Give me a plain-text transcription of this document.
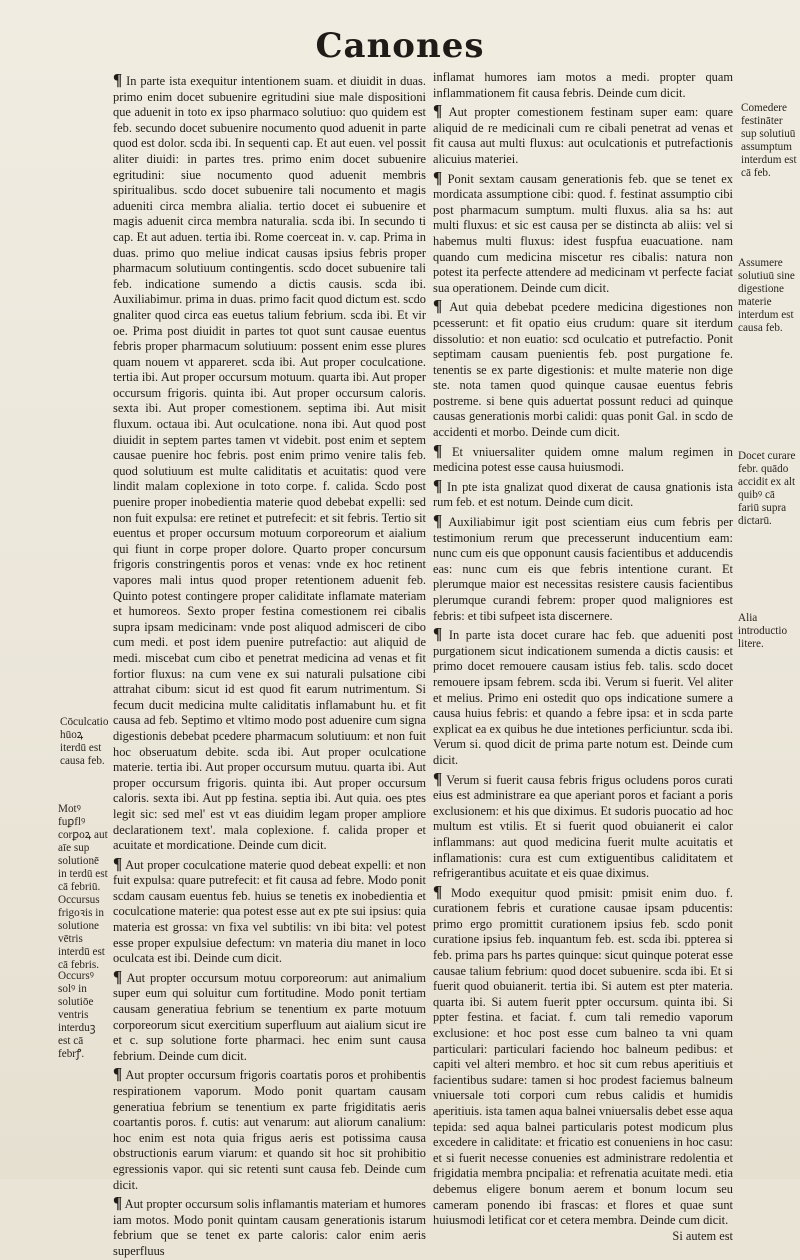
Canones

¶ In parte ista exequitur intentionem suam. et diuidit in duas. primo enim docet subuenire egritudini siue male dispositioni que aduenit in toto ex ipso pharmaco solutiuo: quo quidem est feb. secundo docet subuenire nocumento quod aduenit in parte quod est dolor. scda ibi. In sequenti cap. Et aut euen. vel possit aliter diuidi: in partes tres. primo enim docet subuenire egritudini: siue nocumento quod aduenit membris spiritualibus. scdo docet subuenire tali nocumento et magis adueniti circa membra alialia. tertio docet ei subuenire et magis aduenit circa membra naturalia. scda ibi. In secundo ti cap. Et aut aduen. tertia ibi. Rome coerceat in. v. cap. Prima in duas. primo quo meliue indicat causas ipsius febris proper pharmacum solutiuum contingentis. scdo docet subuenire tali feb. indicatione sumendo a dictis causis. scda ibi. Auxiliabimur. prima in duas. primo facit quod dictum est. scdo gnaliter quod circa eas euetus talium febrium. scda ibi. Et vir oe. Prima post diuidit in partes tot quot sunt causae euentus febris proper pharmacum solutiuum: possent enim esse plures quam nouem vt appareret. scda ibi. Aut proper coculcatione. tertia ibi. Aut proper occursum motuum. quarta ibi. Aut proper occursum frigoris. quinta ibi. Aut proper occursum caloris. sexta ibi. Aut proper comestionem. septima ibi. Aut misit fluxum. octaua ibi. Aut oculcatione. nona ibi. Aut quod post diuidit in septem partes tamen vt videbit. post enim et septem causae puenire hoc febris. post enim primo venire talis feb. quod solutiuum est multe caliditatis et acuitatis: quod vere lindit malam coplexione in toto corpe. f. calida. Scdo post puenire proper inobedientia materie quod debebat expelli: sed non fuit expulsa: ere retinet et putrefecit: et sit febris. Tertio sit euentus et proper occursum motuum corporeorum et aialium qui fiunt in corpe proper dolore. Quarto proper concursum frigoris constringentis poros et venas: vnde ex hoc retinent vapores mali intus quod proper retentionem aduenit feb. Quinto potest contingere proper caliditate inflamate materiam et humoreos. Sexto proper festina comestionem rei cibalis supra ipsam medicinam: vnde post aliquod admisceri de cibo cum medi. et post idem puenire putrefactio: aut aliquid de medi. miscebat cum cibo et penetrat medicina ad venas et fit fortior fluxus: na cum vene ex sui naturali pulsatione cibi attrahat cibum: sicut id est quod fit earum nutrimentum. Si fecum ducit medicina multe caliditatis inflamabunt hu. et fit causa ad feb. Septimo et vltimo modo post aduenire cum signa digestionis debebat pcedere pharmacum solutiuum: et non fuit hoc obseruatum debite. scda ibi. Aut proper oculcatione materie. tertia ibi. Aut proper occursum mutuu. quarta ibi. Aut proper occursum frigoris. quinta ibi. Aut proper occursum caloris. sexta ibi. Aut pp festina. septia ibi. Aut quia. oes ptes legit sic: sed mel' est vt eas diuidim legam proper ampliore declarationem text'. mala coplexione. f. calida proper et acuitate et mordicatione. Deinde cum dicit.

¶ Aut proper coculcatione materie quod debeat expelli: et non fuit expulsa: quare putrefecit: et fit causa ad febre. Modo ponit scdam causam euentus feb. huius se tenetis ex inobedientia et coculcatione materie: qua potest esse aut ex pte sui ipsius: quia materia est grossa: vn fixa vel subtilis: vn ibi bita: vel potest esse proper expulsiue defectum: vn materia diu manet in loco oculcata est ibi. Deinde cum dicit.

¶ Aut propter occursum motuu corporeorum: aut animalium super eum qui soluitur cum fortitudine. Modo ponit tertiam causam generatiua febrium se tenentium ex parte motuum corporeorum sicut exercitium superfluum aut aialium sicut ire et c. sup solutione forte pharmaci. hec enim sunt causa febrium. Deinde cum dicit.

¶ Aut propter occursum frigoris coartatis poros et prohibentis respirationem vaporum. Modo ponit quartam causam generatiua febrium se tenentium ex parte frigiditatis aeris coartantis poros. f. cutis: aut venarum: aut aliorum canalium: hoc enim est nota quia frigus aeris est potissima causa obstructionis earum viarum: et quando sit hoc sit prohibitio egressionis vapor. qui sic retenti sunt causa feb. Deinde cum dicit.

¶ Aut propter occursum solis inflamantis materiam et humores iam motos. Modo ponit quintam causam generationis istarum febrium que se tenet ex parte caloris: calor enim aeris superfluus

inflamat humores iam motos a medi. propter quam inflammationem fit causa febris. Deinde cum dicit.

¶ Aut propter comestionem festinam super eam: quare aliquid de re medicinali cum re cibali penetrat ad venas et fit causa aut multi fluxus: aut oculcationis et putrefactionis alicuius materiei.

¶ Ponit sextam causam generationis feb. que se tenet ex mordicata assumptione cibi: quod. f. festinat assumptio cibi post pharmacum sumptum. multi fluxus. alia sa hs: aut multi fluxus: et sic est causa per se distincta ab aliis: vel si habemus multi fluxus: idest fuspfua euacuatione. nam quando cum medicina miscetur res cibalis: natura non potest ita perfecte attendere ad medicinam vt perfecte faciat sua operationem. Deinde cum dicit.

¶ Aut quia debebat pcedere medicina digestiones non pcesserunt: et fit opatio eius crudum: quare sit iterdum dissolutio: et non euatio: scd oculcatio et putrefactio. Ponit septimam causam puenientis feb. post purgatione fe. tenentis se ex parte digestionis: et multe materie non dige ste. nota tamen quod quinque causae euentus febris postreme. si bene quis aduertat possunt reduci ad quinque causas generationis morbi calidi: quas ponit Gal. in scdo de accidenti et morbo. Deinde cum dicit.

¶ Et vniuersaliter quidem omne malum regimen in medicina potest esse causa huiusmodi.

¶ In pte ista gnalizat quod dixerat de causa gnationis ista rum feb. et est notum. Deinde cum dicit.

¶ Auxiliabimur igit post scientiam eius cum febris per testimonium rerum que precesserunt inducentium eam: nunc cum eis que opponunt causis facientibus et adducendis eas: nunc cum eis que febris intentione curant. Et plerumque maior est necessitas resistere causis facientibus plerumque curandi febrem: proper quod maligniores est febris: et tibi sufpeet ista discernere.

¶ In parte ista docet curare hac feb. que adueniti post purgationem sicut indicationem sumenda a dictis causis: et primo docet remouere causam istius feb. talis. scdo docet remouere ipsam febrem. scda ibi. Verum si fuerit. Vel aliter et melius. Primo eni ostedit quo ops indicatione sumere a causa huius febris: et quando a febre ipsa: et in scda parte explicat ea ex quibus he due intetiones perficiuntur. scda ibi. Verum si. quod dicit de prima parte notum est. Deinde cum dicit.

¶ Verum si fuerit causa febris frigus ocludens poros curati eius est administrare ea que aperiant poros et faciant a poris exclusionem: et his que diximus. Et sudoris puocatio ad hoc multum est vtilis. Et si fuerit quod obuianerit ei calor inflammans: aut quod medicina fuerit multe acuitatis et inflamationis: cura est cum extiguentibus caliditatem et refrigerantibus acuitate et eis quae diximus.

¶ Modo exequitur quod pmisit: pmisit enim duo. f. curationem febris et curatione causae ipsam pducentis: primo ergo promittit curationem ipsius feb. scdo ponit curatione ipsius feb. inquantum feb. est. scda ibi. ppterea si feb. prima pars hs partes quinque: sicut quinque poterat esse causae talium febrium: quod docet subuenire. scda ibi. Et si fuerit quod obuianerit. tertia ibi. Si autem est pter materia. quarta ibi. Si autem fuerit ppter occursum. quinta ibi. Si ppter festina. et faciat. f. cum tali remedio vaporum exclusione: et hoc post esse cum balneo ta vni quam particulari: particulari faciendo hoc balneum pedibus: et capiti vel alteri membro. et hoc sit cum rebus aperitiuis et facientibus sudare: tamen si hoc prodest faciemus balneum vniuersale toti corpori cum rebus calidis et humidis aperitiuis. ista tamen aqua balnei vniuersalis debet esse aqua tepida: sed aqua balnei particularis potest modicum plus excedere in caliditate: et fricatio est conueniens in hoc casu: et si fuerit necesse conuenies est administrare redolentia et frigidatia membra pncipalia: et refrenatia acuitate medi. etia debemus eligere bonum aerem et bonum locum seu cameram ponendo ibi frascas: et flores et quae sunt huiusmodi letificat cor et cetera membra. Deinde cum dicit.

Si autem est

Cōculcatio hūoꝝ iterdū est causa feb.
Motꝰ fuꝑflꝰ corꝑoꝝ aut aīe sup solutionē in terdū est cā febriū. Occursus frigoꝛis in solutione vētris interdū est cā febris.
Occursꝰ solꝰ in solutiōe ventris interduꝫ est cā febrꝭ.
Comedere festināter sup solutiuū assumptum interdum est cā feb.
Assumere solutiuū sine digestione materie interdum est causa feb.
Docet curare febr. quādo accidit ex alt quibꝰ cā fariū supra dictarū.
Alia introductio litere.
